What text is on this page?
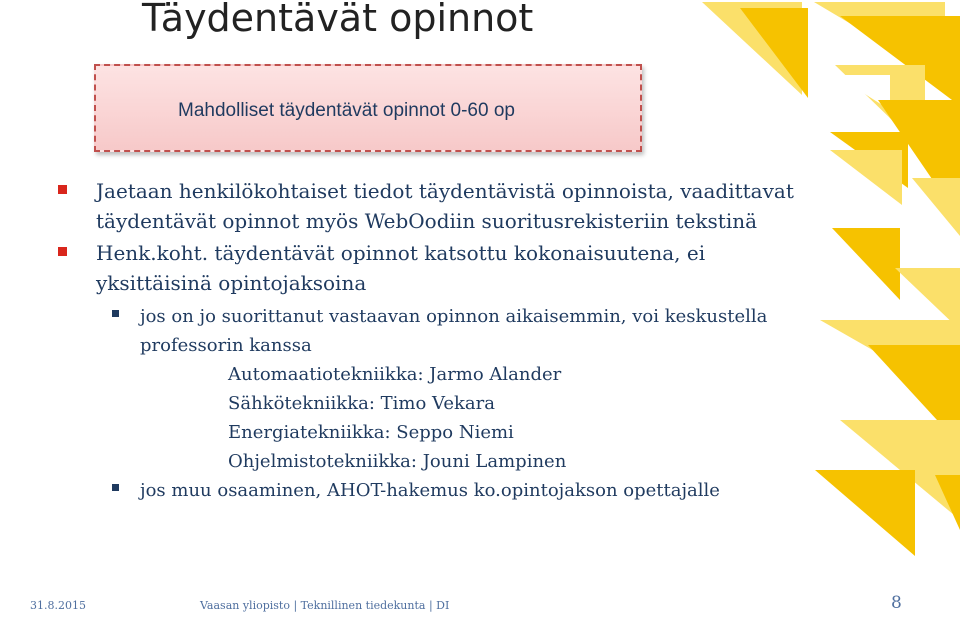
Täydentävät opinnot
Mahdolliset täydentävät opinnot 0-60 op

Jaetaan henkilökohtaiset tiedot täydentävistä opinnoista, vaadittavat täydentävät opinnot myös WebOodiin suoritusrekisteriin tekstinä

Henk.koht. täydentävät opinnot katsottu kokonaisuutena, ei yksittäisinä opintojaksoina

jos on jo suorittanut vastaavan opinnon aikaisemmin, voi keskustella professorin kanssa

Automaatiotekniikka: Jarmo Alander

Sähkötekniikka: Timo Vekara

Energiatekniikka: Seppo Niemi

Ohjelmistotekniikka: Jouni Lampinen

jos muu osaaminen, AHOT-hakemus ko.opintojakson opettajalle

31.8.2015	Vaasan yliopisto | Teknillinen tiedekunta | DI	8
